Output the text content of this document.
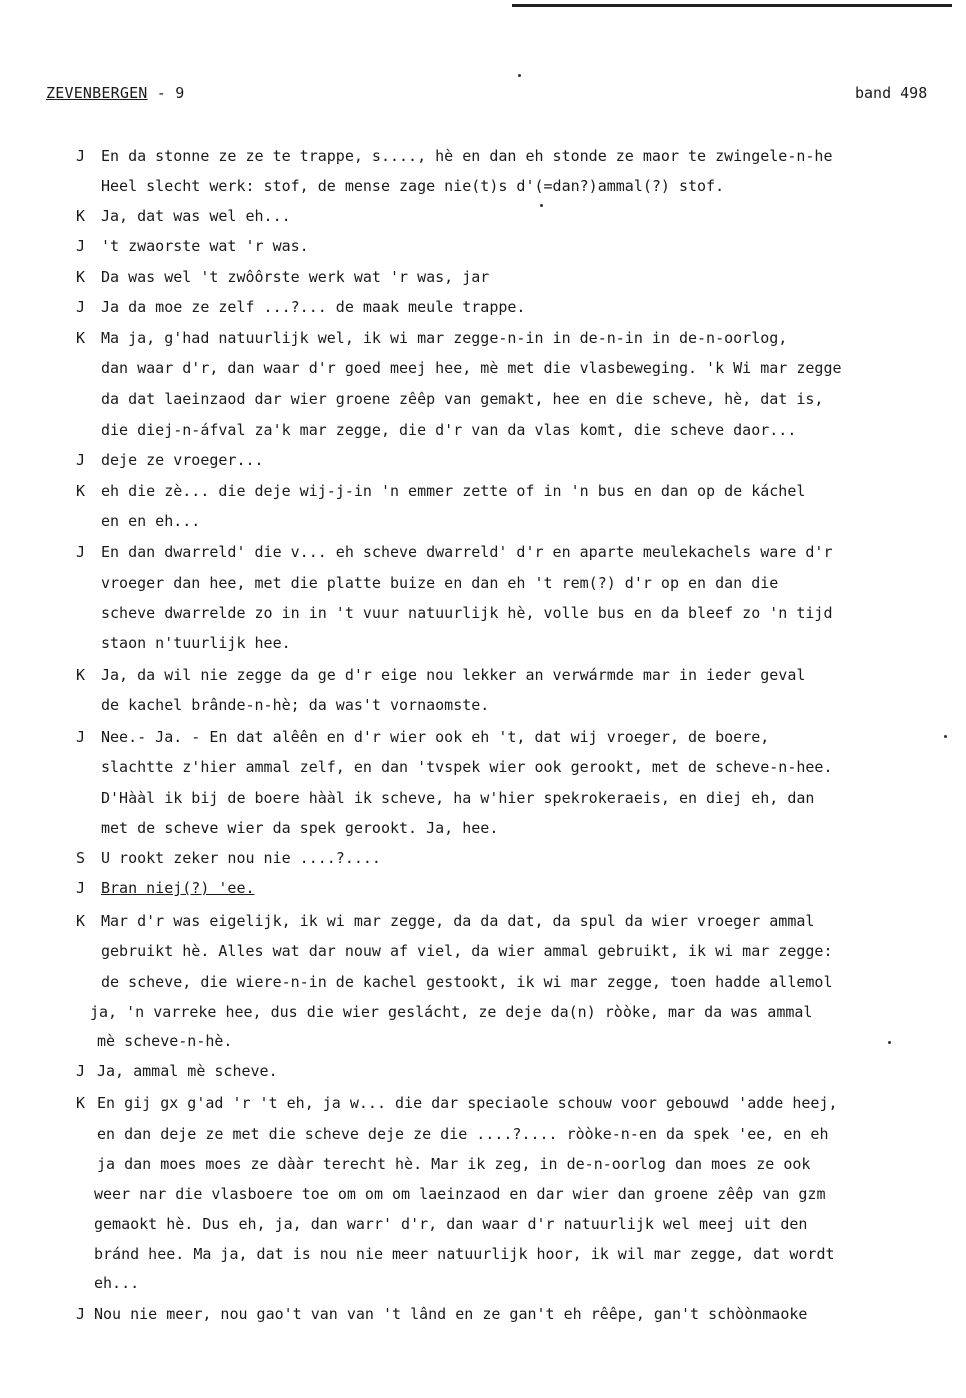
ZEVENBERGEN - 9	band 498
J En da stonne ze ze te trappe, s...., hè en dan eh stonde ze maor te zwingele-n-he
Heel slecht werk: stof, de mense zage nie(t)s d'(=dan?)ammal(?) stof.
K Ja, dat was wel eh...
J 't zwaorste wat 'r was.
K Da was wel 't zwôôrste werk wat 'r was, jar
J Ja da moe ze zelf ...?... de maak meule trappe.
K Ma ja, g'had natuurlijk wel, ik wi mar zegge-n-in in de-n-in in de-n-oorlog,
dan waar d'r, dan waar d'r goed meej hee, mè met die vlasbeweging. 'k Wi mar zegge
da dat laeinzaod dar wier groene zêêp van gemakt, hee en die scheve, hè, dat is,
die diej-n-áfval za'k mar zegge, die d'r van da vlas komt, die scheve daor...
J deje ze vroeger...
K eh die zè... die deje wij-j-in 'n emmer zette of in 'n bus en dan op de káchel
en en eh...
J En dan dwarreld' die v... eh scheve dwarreld' d'r en aparte meulekachels ware d'r
vroeger dan hee, met die platte buize en dan eh 't rem(?) d'r op en dan die
scheve dwarrelde zo in in 't vuur natuurlijk hè, volle bus en da bleef zo 'n tijd
staon n'tuurlijk hee.
K Ja, da wil nie zegge da ge d'r eige nou lekker an verwármde mar in ieder geval
de kachel brânde-n-hè; da was't vornaomste.
J Nee.- Ja. - En dat alêên en d'r wier ook eh 't, dat wij vroeger, de boere,
slachtte z'hier ammal zelf, en dan 'tvspek wier ook gerookt, met de scheve-n-hee.
D'Hààl ik bij de boere hààl ik scheve, ha w'hier spekrokeraeis, en diej eh, dan
met de scheve wier da spek gerookt. Ja, hee.
S U rookt zeker nou nie ....?....
J Bran niej(?) 'ee.
K Mar d'r was eigelijk, ik wi mar zegge, da da dat, da spul da wier vroeger ammal
gebruikt hè. Alles wat dar nouw af viel, da wier ammal gebruikt, ik wi mar zegge:
de scheve, die wiere-n-in de kachel gestookt, ik wi mar zegge, toen hadde allemol
ja, 'n varreke hee, dus die wier geslácht, ze deje da(n) ròòke, mar da was ammal
mè scheve-n-hè.
J Ja, ammal mè scheve.
K En gij gx g'ad 'r 't eh, ja w... die dar speciaole schouw voor gebouwd 'adde heej,
en dan deje ze met die scheve deje ze die ....?.... ròòke-n-en da spek 'ee, en eh
ja dan moes moes ze dààr terecht hè. Mar ik zeg, in de-n-oorlog dan moes ze ook
weer nar die vlasboere toe om om om laeinzaod en dar wier dan groene zêêp van gzm
gemaokt hè. Dus eh, ja, dan warr' d'r, dan waar d'r natuurlijk wel meej uit den
bránd hee. Ma ja, dat is nou nie meer natuurlijk hoor, ik wil mar zegge, dat wordt
eh...
J Nou nie meer, nou gao't van van 't lând en ze gan't eh rêêpe, gan't schòònmaoke
